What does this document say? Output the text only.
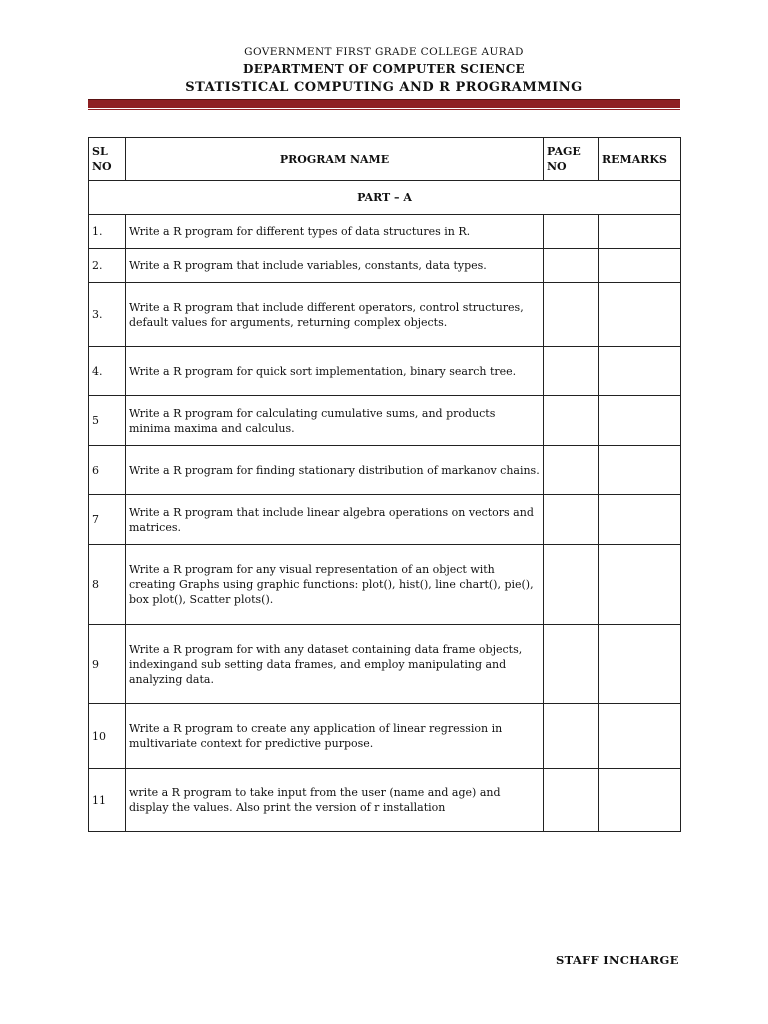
GOVERNMENT FIRST GRADE COLLEGE AURAD
DEPARTMENT OF COMPUTER SCIENCE
STATISTICAL COMPUTING AND R PROGRAMMING
SL NO	PROGRAM NAME	PAGE NO	REMARKS
PART – A			
1.	Write a R program for different types of data structures in R.		
2.	Write a R program that include variables, constants, data types.		
3.	Write a R program that include different operators, control structures, default values for arguments, returning complex objects.		
4.	Write a R program for quick sort implementation, binary search tree.		
5	Write a R program for calculating cumulative sums, and products minima maxima and calculus.		
6	Write a R program for finding stationary distribution of markanov chains.		
7	Write a R program that include linear algebra operations on vectors and matrices.		
8	Write a R program for any visual representation of an object with creating Graphs using graphic functions: plot(), hist(), line chart(), pie(), box plot(), Scatter plots().		
9	Write a R program for with any dataset containing data frame objects, indexingand sub setting data frames, and employ manipulating and analyzing data.		
10	Write a R program to create any application of linear regression in multivariate context for predictive purpose.		
11	write a R program to take input from the user (name and age) and display the values. Also print the version of r installation		
STAFF INCHARGE
